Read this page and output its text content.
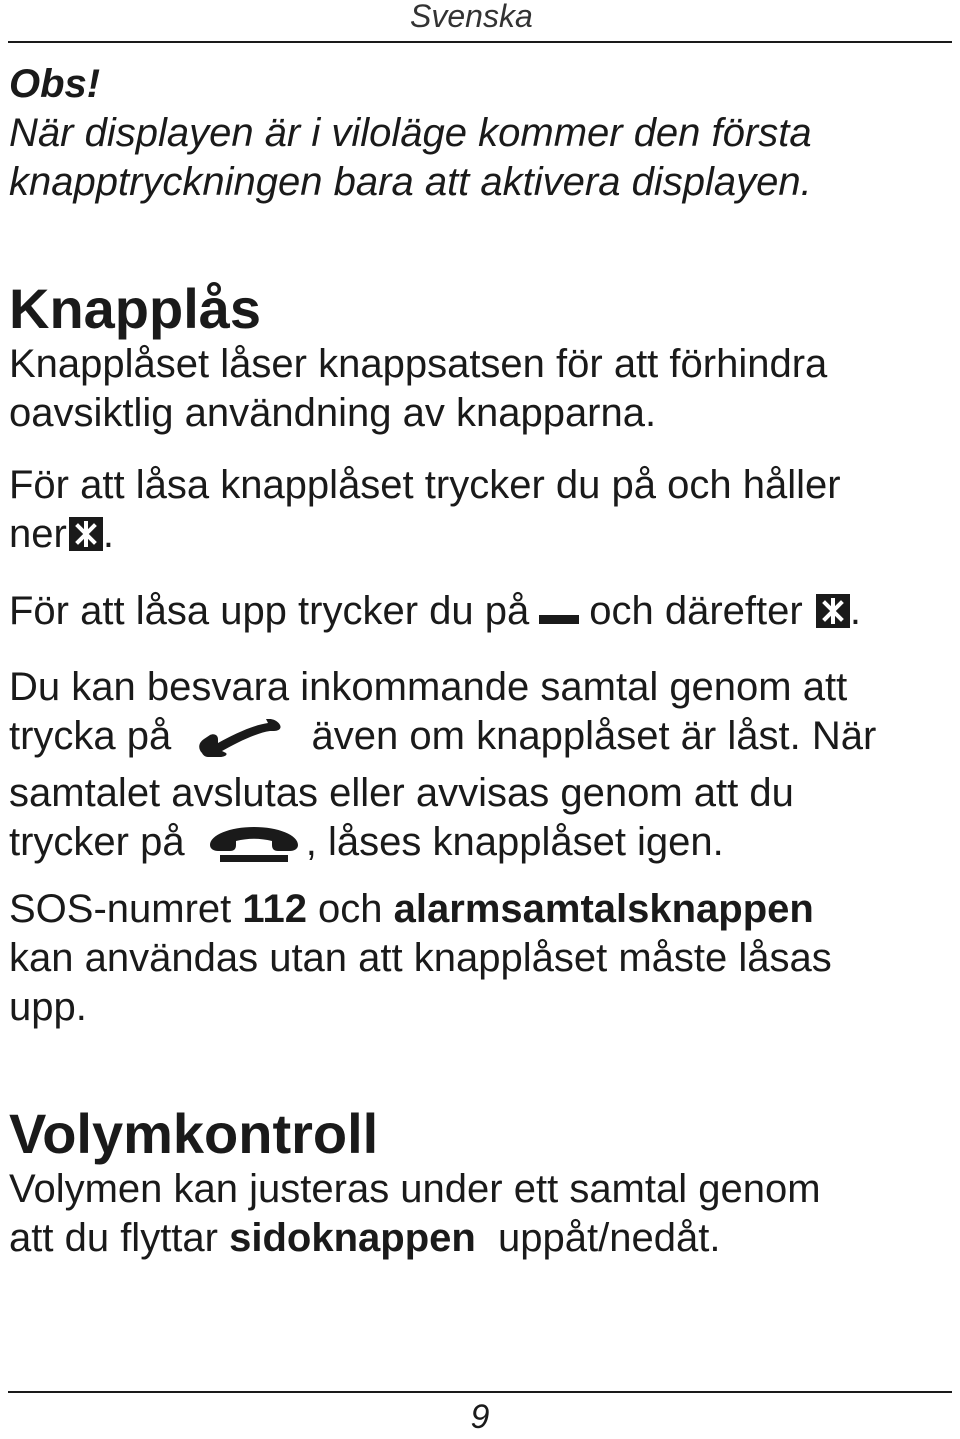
Svenska

Obs!

När displayen är i viloläge kommer den första

knapptryckningen bara att aktivera displayen.

Knapplås

Knapplåset låser knappsatsen för att förhindra

oavsiktlig användning av knapparna.

För att låsa knapplåset trycker du på och håller

ner .

För att låsa upp trycker du på och därefter .

Du kan besvara inkommande samtal genom att

trycka på	även om knapplåset är låst. När

samtalet avslutas eller avvisas genom att du

trycker på	, låses knapplåset igen.

SOS-numret 112 och alarmsamtalsknappen

kan användas utan att knapplåset måste låsas

upp.

Volymkontroll

Volymen kan justeras under ett samtal genom

att du flyttar sidoknappen  uppåt/nedåt.

9
